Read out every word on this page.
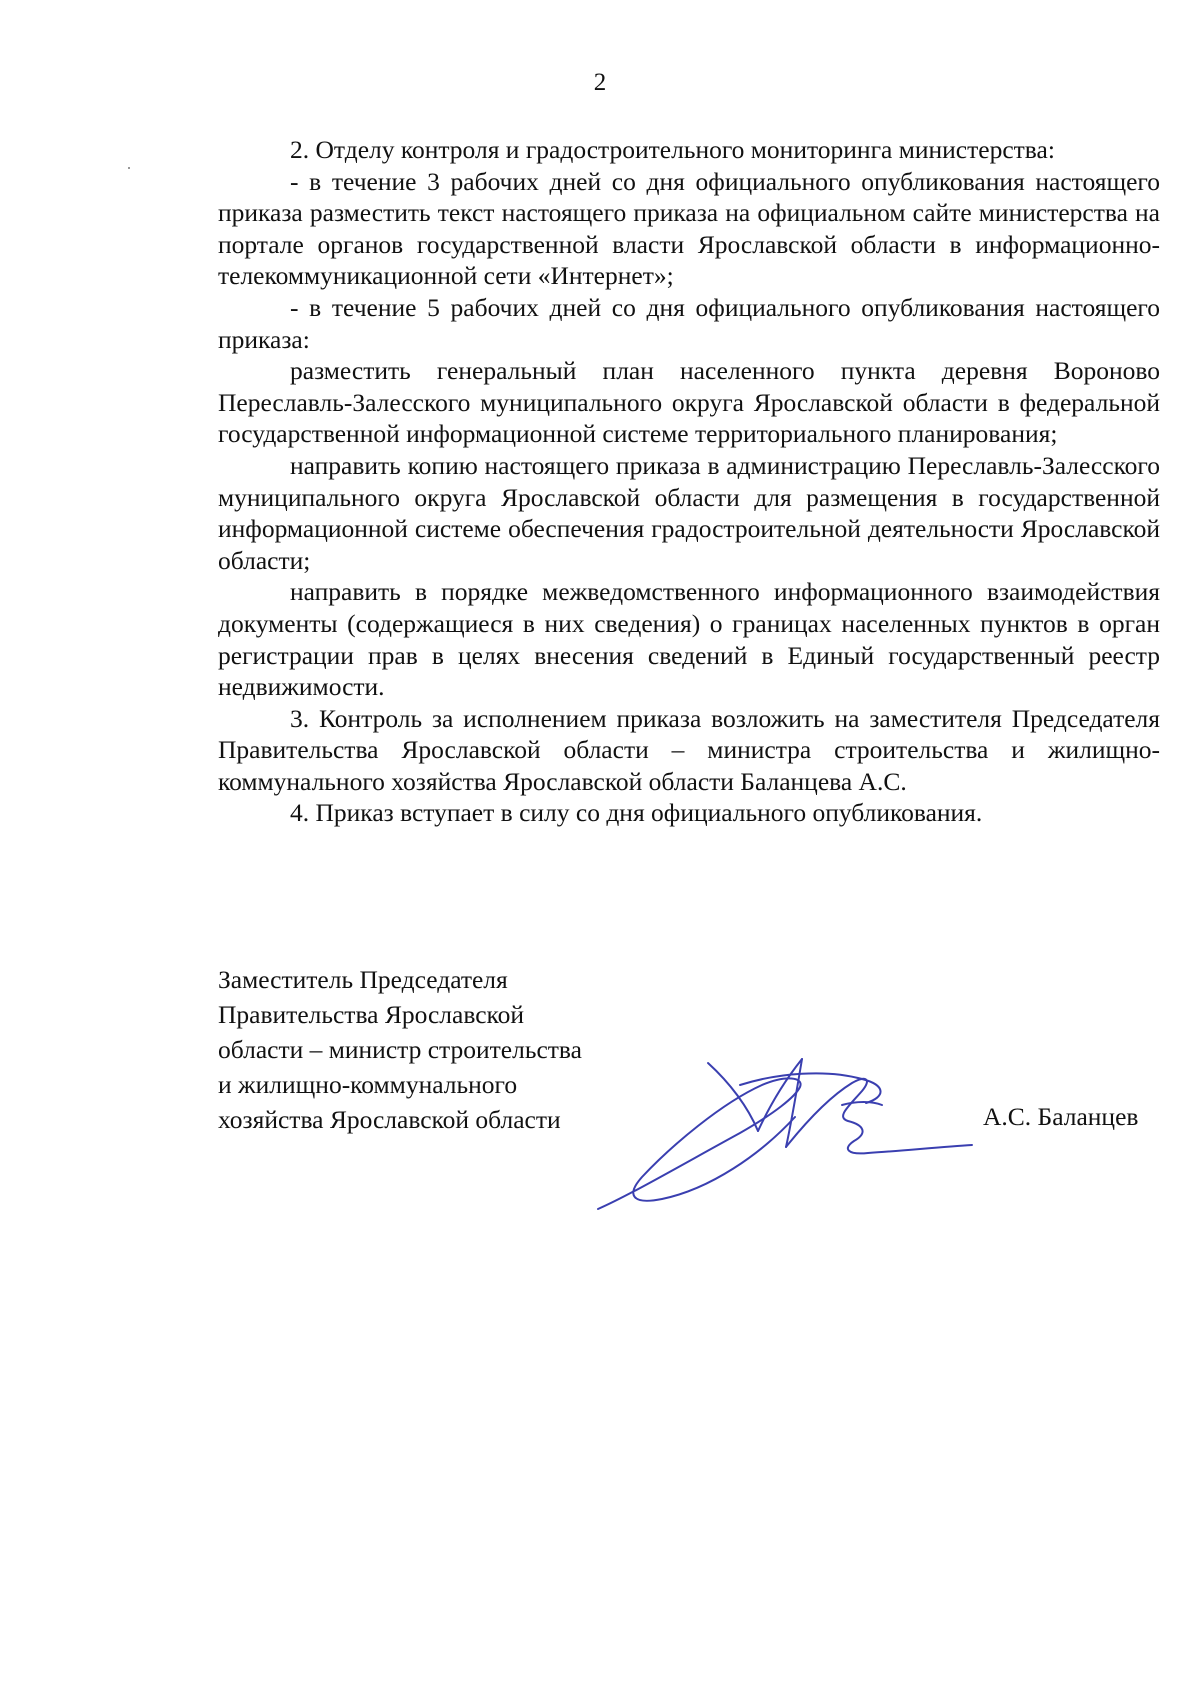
2

2. Отделу контроля и градостроительного мониторинга министерства:

- в течение 3 рабочих дней со дня официального опубликования настоящего приказа разместить текст настоящего приказа на официальном сайте министерства на портале органов государственной власти Ярославской области в информационно-телекоммуникационной сети «Интернет»;

- в течение 5 рабочих дней со дня официального опубликования настоящего приказа:

разместить генеральный план населенного пункта деревня Вороново Переславль-Залесского муниципального округа Ярославской области в федеральной государственной информационной системе территориального планирования;

направить копию настоящего приказа в администрацию Переславль-Залесского муниципального округа Ярославской области для размещения в государственной информационной системе обеспечения градостроительной деятельности Ярославской области;

направить в порядке межведомственного информационного взаимодействия документы (содержащиеся в них сведения) о границах населенных пунктов в орган регистрации прав в целях внесения сведений в Единый государственный реестр недвижимости.

3. Контроль за исполнением приказа возложить на заместителя Председателя Правительства Ярославской области – министра строительства и жилищно-коммунального хозяйства Ярославской области Баланцева А.С.

4. Приказ вступает в силу со дня официального опубликования.

Заместитель Председателя
Правительства Ярославской
области – министр строительства
и жилищно-коммунального
хозяйства Ярославской области	А.С. Баланцев
